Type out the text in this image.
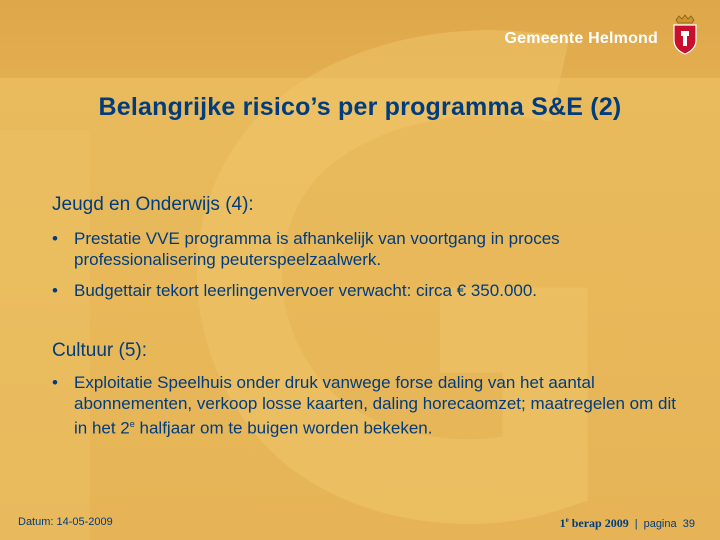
Gemeente Helmond
Belangrijke risico’s per programma S&E (2)
Jeugd en Onderwijs (4):
• Prestatie VVE programma is afhankelijk van voortgang in proces professionalisering peuterspeelzaalwerk.
• Budgettair tekort leerlingenvervoer verwacht: circa € 350.000.
Cultuur (5):
• Exploitatie Speelhuis onder druk vanwege forse daling van het aantal abonnementen, verkoop losse kaarten, daling horecaomzet; maatregelen om dit in het 2e halfjaar om te buigen worden bekeken.
Datum: 14-05-2009	1e berap 2009 | pagina 39
